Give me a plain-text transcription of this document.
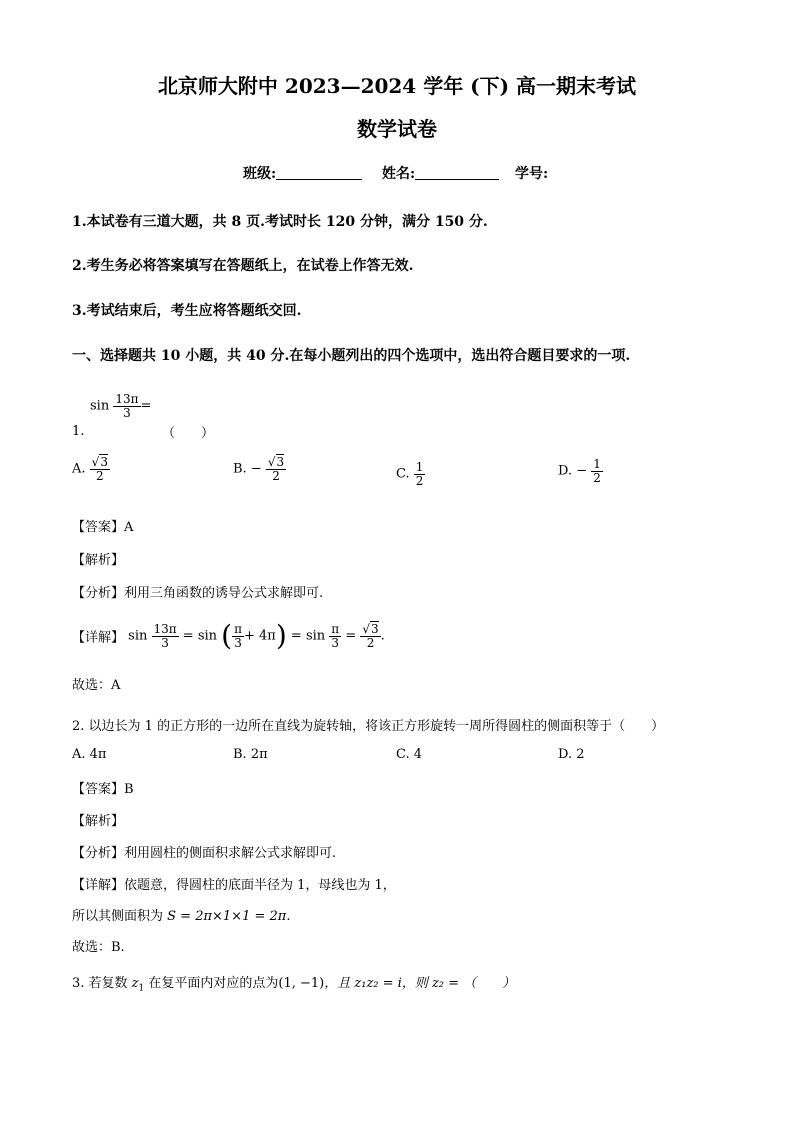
北京师大附中 2023—2024 学年 (下) 高一期末考试
数学试卷
班级:	姓名:	学号:
1.本试卷有三道大题，共 8 页.考试时长 120 分钟，满分 150 分.
2.考生务必将答案填写在答题纸上，在试卷上作答无效.
3.考试结束后，考生应将答题纸交回.
一、选择题共 10 小题，共 40 分.在每小题列出的四个选项中，选出符合题目要求的一项.
$\sin \frac{13\pi}{3}$ =
1.	（　　）
A. $\frac{√3}{2}$	B. − $\frac{√3}{2}$	C. $\frac{1}{2}$	D. − $\frac{1}{2}$
【答案】A
【解析】
【分析】利用三角函数的诱导公式求解即可.
【详解】 $\sin \frac{13\pi}{3} = \sin$ ( $\frac{\pi}{3} + 4\pi) = \sin \frac{\pi}{3} = \frac{√3}{2}$ .
故选：A
2. 以边长为 1 的正方形的一边所在直线为旋转轴，将该正方形旋转一周所得圆柱的侧面积等于（　　）
A. 4π	B. 2π	C. 4	D. 2
【答案】B
【解析】
【分析】利用圆柱的侧面积求解公式求解即可.
【详解】依题意，得圆柱的底面半径为 1，母线也为 1，
所以其侧面积为 S = 2π×1×1 = 2π.
故选：B.
3. 若复数 $z_1$ 在复平面内对应的点为(1, −1)，且 z₁z₂ = i，则 z₂ = （　　）
